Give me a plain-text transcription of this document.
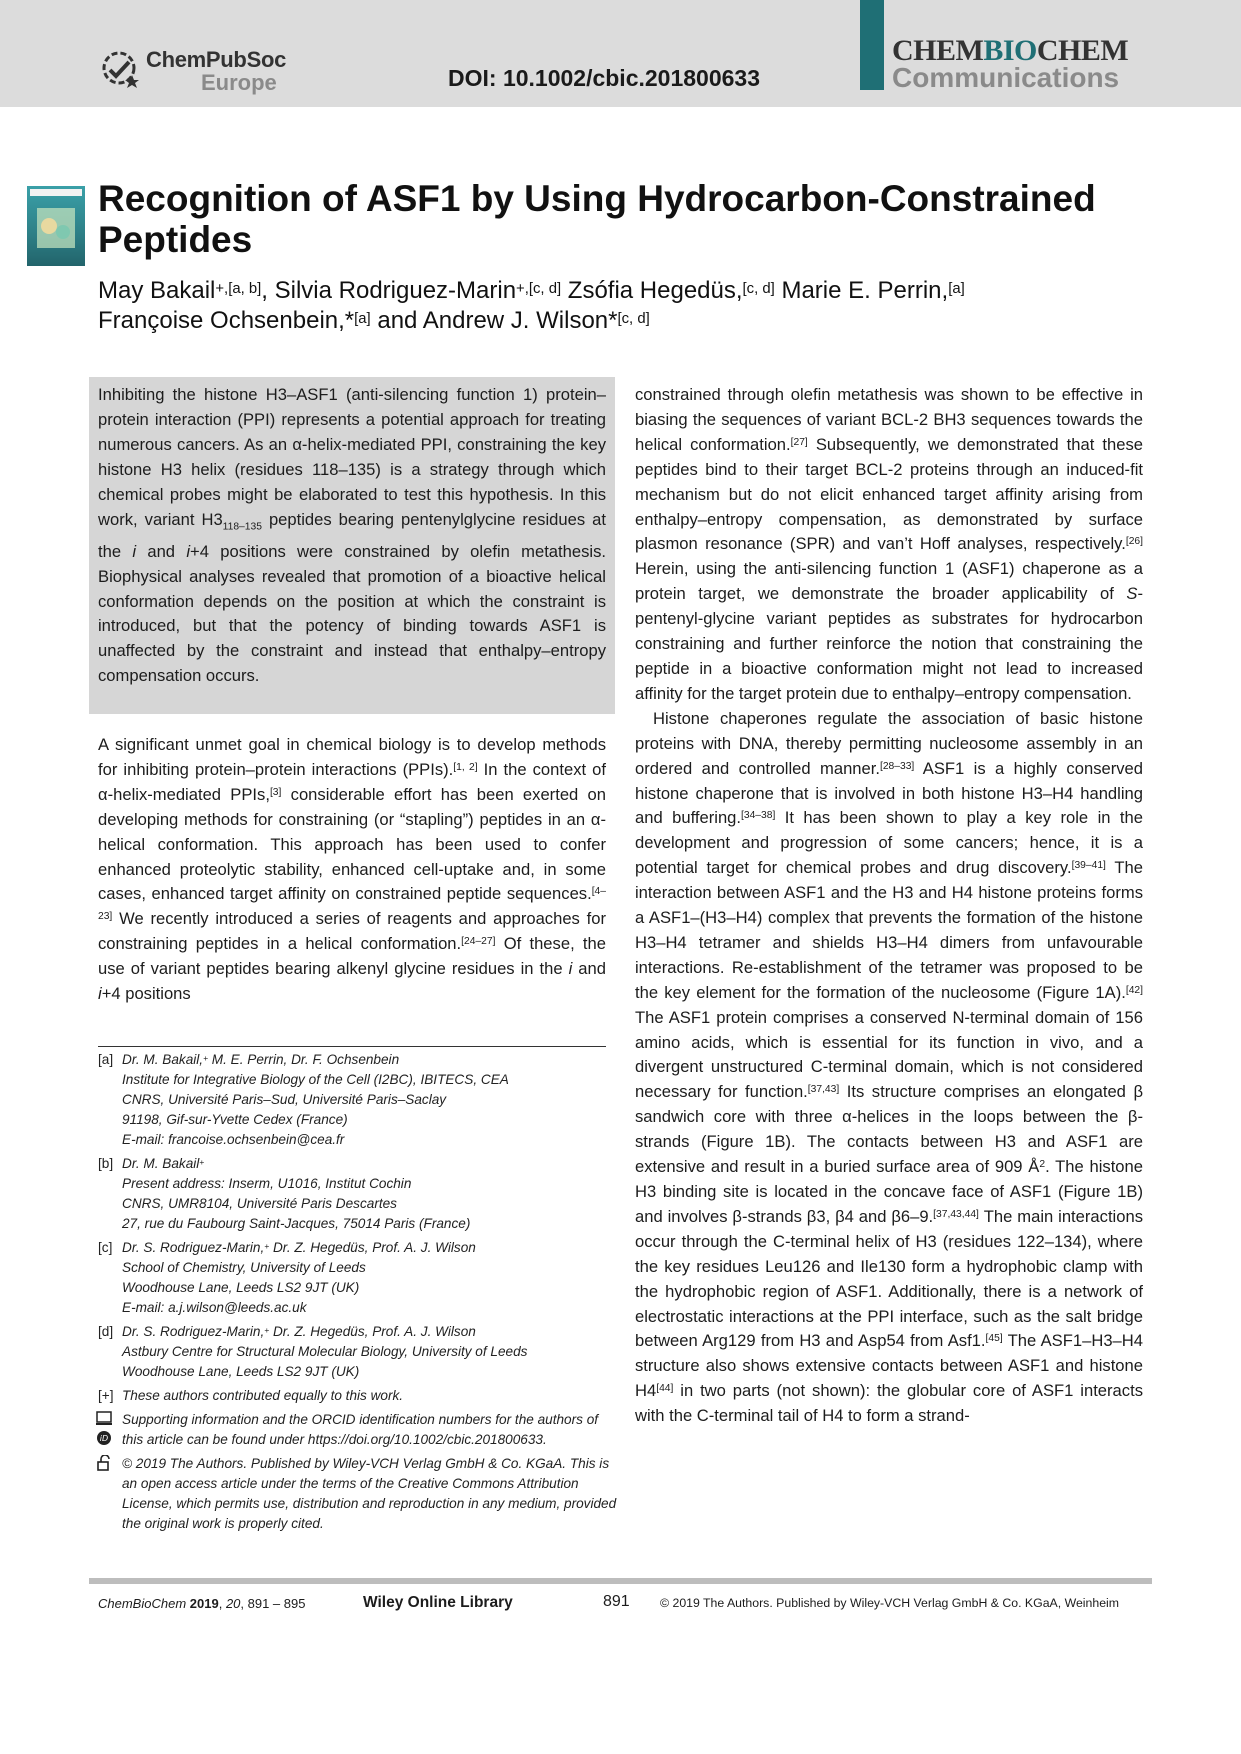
ChemPubSoc
Europe	DOI: 10.1002/cbic.201800633
CHEMBIOCHEM
Communications
Recognition of ASF1 by Using Hydrocarbon-Constrained Peptides
May Bakail$^{+,[a, b]}$, Silvia Rodriguez-Marin$^{+,[c, d]}$ Zsófia Hegedüs,[c, d] Marie E. Perrin,[a]
Françoise Ochsenbein,*[a] and Andrew J. Wilson*[c, d]

Inhibiting the histone H3–ASF1 (anti-silencing function 1) protein–protein interaction (PPI) represents a potential approach for treating numerous cancers. As an α-helix-mediated PPI, constraining the key histone H3 helix (residues 118–135) is a strategy through which chemical probes might be elaborated to test this hypothesis. In this work, variant $H3_{118-135}$ peptides bearing pentenylglycine residues at the i and i+4 positions were constrained by olefin metathesis. Biophysical analyses revealed that promotion of a bioactive helical conformation depends on the position at which the constraint is introduced, but that the potency of binding towards ASF1 is unaffected by the constraint and instead that enthalpy–entropy compensation occurs.

A significant unmet goal in chemical biology is to develop methods for inhibiting protein–protein interactions (PPIs).[1, 2] In the context of α-helix-mediated PPIs,[3] considerable effort has been exerted on developing methods for constraining (or “stapling”) peptides in an α-helical conformation. This approach has been used to confer enhanced proteolytic stability, enhanced cell-uptake and, in some cases, enhanced target affinity on constrained peptide sequences.[4–23] We recently introduced a series of reagents and approaches for constraining peptides in a helical conformation.[24–27] Of these, the use of variant peptides bearing alkenyl glycine residues in the i and i+4 positions

constrained through olefin metathesis was shown to be effective in biasing the sequences of variant BCL-2 BH3 sequences towards the helical conformation.[27] Subsequently, we demonstrated that these peptides bind to their target BCL-2 proteins through an induced-fit mechanism but do not elicit enhanced target affinity arising from enthalpy–entropy compensation, as demonstrated by surface plasmon resonance (SPR) and van’t Hoff analyses, respectively.[26] Herein, using the anti-silencing function 1 (ASF1) chaperone as a protein target, we demonstrate the broader applicability of S-pentenyl-glycine variant peptides as substrates for hydrocarbon constraining and further reinforce the notion that constraining the peptide in a bioactive conformation might not lead to increased affinity for the target protein due to enthalpy–entropy compensation.

Histone chaperones regulate the association of basic histone proteins with DNA, thereby permitting nucleosome assembly in an ordered and controlled manner.[28–33] ASF1 is a highly conserved histone chaperone that is involved in both histone H3–H4 handling and buffering.[34–38] It has been shown to play a key role in the development and progression of some cancers; hence, it is a potential target for chemical probes and drug discovery.[39–41] The interaction between ASF1 and the H3 and H4 histone proteins forms a ASF1–(H3–H4) complex that prevents the formation of the histone H3–H4 tetramer and shields H3–H4 dimers from unfavourable interactions. Re-establishment of the tetramer was proposed to be the key element for the formation of the nucleosome (Figure 1A).[42] The ASF1 protein comprises a conserved N-terminal domain of 156 amino acids, which is essential for its function in vivo, and a divergent unstructured C-terminal domain, which is not considered necessary for function.[37,43] Its structure comprises an elongated β sandwich core with three α-helices in the loops between the β-strands (Figure 1B). The contacts between H3 and ASF1 are extensive and result in a buried surface area of 909 $Å^2$. The histone H3 binding site is located in the concave face of ASF1 (Figure 1B) and involves β-strands β3, β4 and β6–9.[37,43,44] The main interactions occur through the C-terminal helix of H3 (residues 122–134), where the key residues Leu126 and Ile130 form a hydrophobic clamp with the hydrophobic region of ASF1. Additionally, there is a network of electrostatic interactions at the PPI interface, such as the salt bridge between Arg129 from H3 and Asp54 from Asf1.[45] The ASF1–H3–H4 structure also shows extensive contacts between ASF1 and histone H4[44] in two parts (not shown): the globular core of ASF1 interacts with the C-terminal tail of H4 to form a strand-

[a] Dr. M. Bakail,+ M. E. Perrin, Dr. F. Ochsenbein
Institute for Integrative Biology of the Cell (I2BC), IBITECS, CEA
CNRS, Université Paris–Sud, Université Paris–Saclay
91198, Gif-sur-Yvette Cedex (France)
E-mail: francoise.ochsenbein@cea.fr
[b] Dr. M. Bakail+
Present address: Inserm, U1016, Institut Cochin
CNRS, UMR8104, Université Paris Descartes
27, rue du Faubourg Saint-Jacques, 75014 Paris (France)
[c] Dr. S. Rodriguez-Marin,+ Dr. Z. Hegedüs, Prof. A. J. Wilson
School of Chemistry, University of Leeds
Woodhouse Lane, Leeds LS2 9JT (UK)
E-mail: a.j.wilson@leeds.ac.uk
[d] Dr. S. Rodriguez-Marin,+ Dr. Z. Hegedüs, Prof. A. J. Wilson
Astbury Centre for Structural Molecular Biology, University of Leeds
Woodhouse Lane, Leeds LS2 9JT (UK)
[+] These authors contributed equally to this work.
iD
Supporting information and the ORCID identification numbers for the authors of this article can be found under https://doi.org/10.1002/cbic.201800633.
© 2019 The Authors. Published by Wiley-VCH Verlag GmbH & Co. KGaA. This is an open access article under the terms of the Creative Commons Attribution License, which permits use, distribution and reproduction in any medium, provided the original work is properly cited.
ChemBioChem 2019, 20, 891 – 895	Wiley Online Library	891 © 2019 The Authors. Published by Wiley-VCH Verlag GmbH & Co. KGaA, Weinheim
